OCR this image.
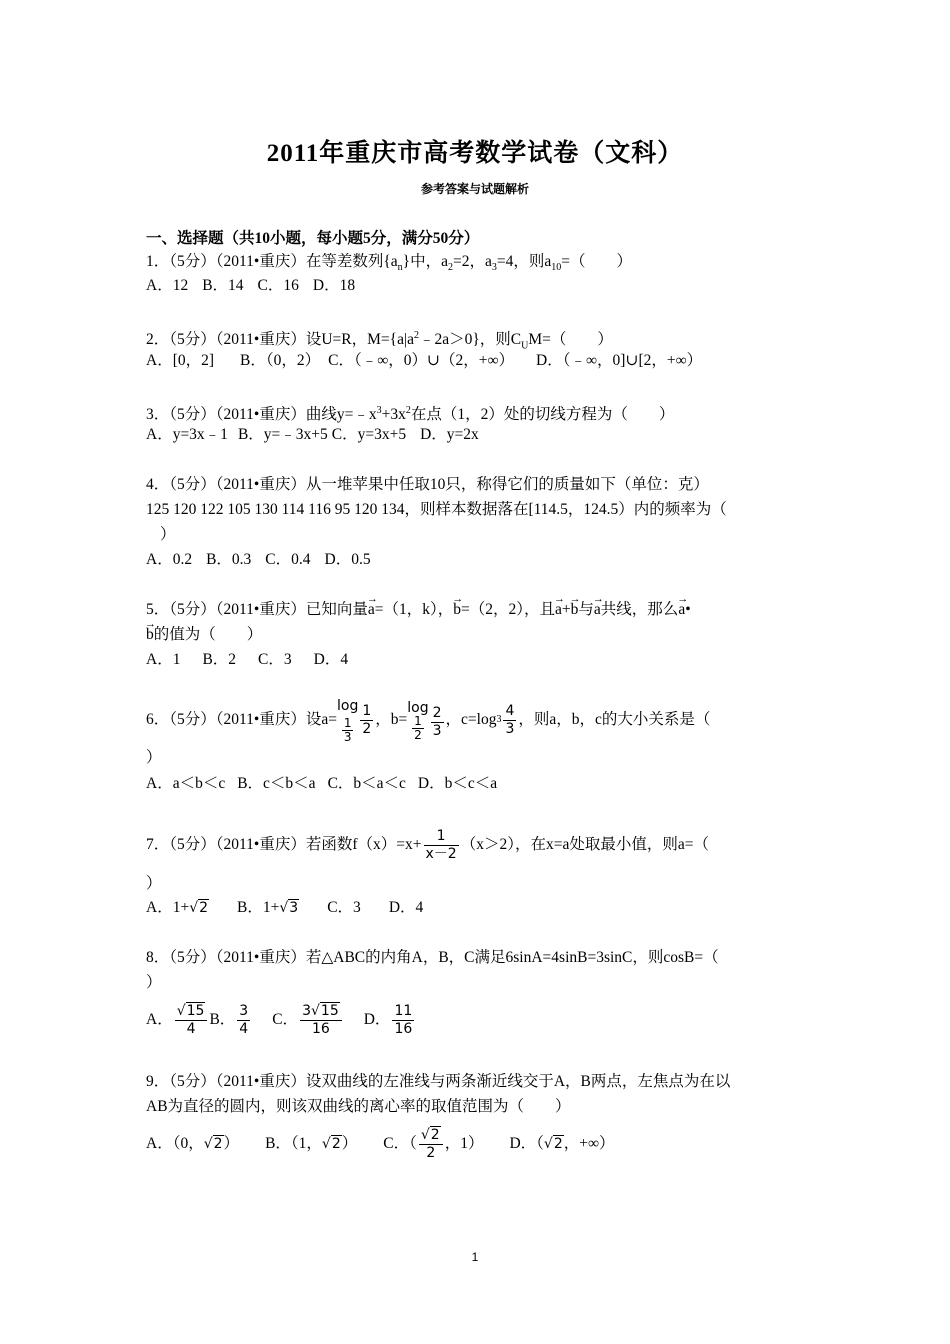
2011年重庆市高考数学试卷（文科）
参考答案与试题解析
一、选择题（共10小题，每小题5分，满分50分）
1．（5分）（2011•重庆）在等差数列$\{a_n\}$中，$a_2=2$，$a_3=4$，则$a_{10}=$（　　）
A．12 B．14 C．16 D．18
2．（5分）（2011•重庆）设U=R，$M=\{a|a^2﹣2a>0\}$，则$C_UM=$（　　）
A．[0，2] B．（0，2） C．（﹣∞，0）∪（2，+∞） D．（﹣∞，0]∪[2，+∞）
3．（5分）（2011•重庆）曲线$y=﹣x^3+3x^2$在点（1，2）处的切线方程为（　　）
A．y=3x﹣1 B．y=﹣3x+5 C．y=3x+5 D．y=2x
4．（5分）（2011•重庆）从一堆苹果中任取10只，称得它们的质量如下（单位：克）
125 120 122 105 130 114 116 95 120 134，则样本数据落在[114.5，124.5）内的频率为（
）
A．0.2 B．0.3 C．0.4 D．0.5
5．（5分）（2011•重庆）已知向量→ a=（1，k），→ b=（2，2），且→ a+→ b与→ a共线，那么→ a•
→ b的值为（　　）
A．1 B．2 C．3 D．4
6．（5分）（2011•重庆）设a=
log
$\frac{1}{3} \frac{1}{2}$ ，b=
log
$\frac{1}{2} \frac{2}{3}$ ，c=log $3 \frac{4}{3}$ ，则a，b，c的大小关系是（
）
A．a＜b＜c B．c＜b＜a C．b＜a＜c D．b＜c＜a
7．（5分）（2011•重庆）若函数$f(x)=x+ \frac{1}{x-2} (x>2)$，在x=a处取最小值，则a=（
）
A．1+√2 B．1+√3 C．3 D．4
8．（5分）（2011•重庆）若△ABC的内角A，B，C满足6sinA=4sinB=3sinC，则cosB=（
）
A． $\frac{√15}{4}$ B． $\frac{3}{4}$ C． $\frac{3√15}{16}$ D． $\frac{11}{16}$
9．（5分）（2011•重庆）设双曲线的左准线与两条渐近线交于A，B两点，左焦点为在以
AB为直径的圆内，则该双曲线的离心率的取值范围为（　　）
A．（0，√2） B．（1，√2） C．（ $\frac{√2}{2}$ ，1） D．（√2，+∞）
1
